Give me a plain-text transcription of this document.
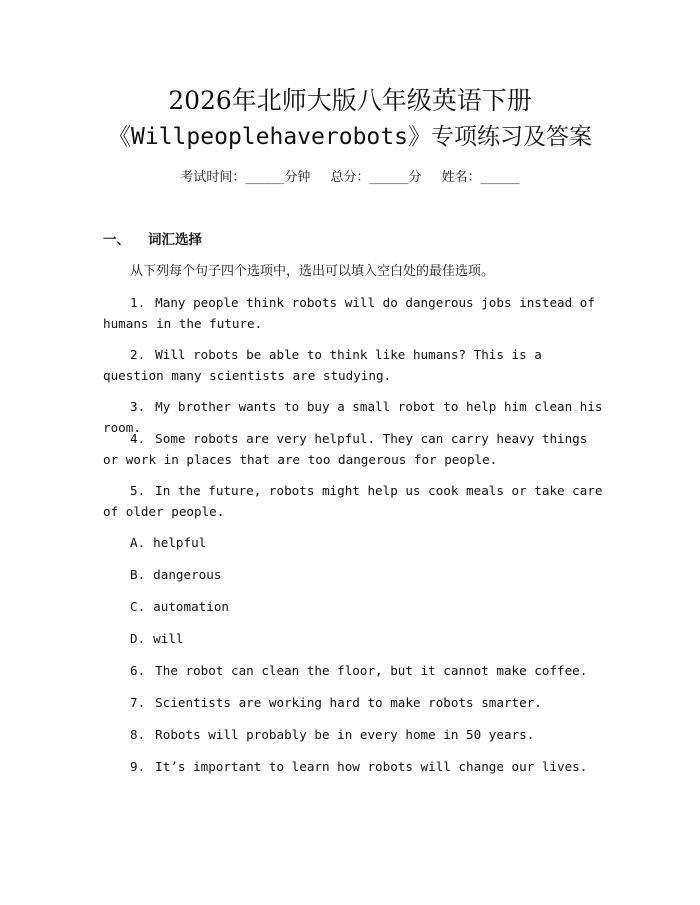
2026年北师大版八年级英语下册
《Willpeoplehaverobots》专项练习及答案
考试时间：______分钟 总分：______分 姓名：______
一、 词汇选择
从下列每个句子四个选项中，选出可以填入空白处的最佳选项。
1. Many people think robots will do dangerous jobs instead of humans in the future.
2. Will robots be able to think like humans? This is a question many scientists are studying.
3. My brother wants to buy a small robot to help him clean his room.
4. Some robots are very helpful. They can carry heavy things or work in places that are too dangerous for people.
5. In the future, robots might help us cook meals or take care of older people.
A. helpful
B. dangerous
C. automation
D. will
6. The robot can clean the floor, but it cannot make coffee.
7. Scientists are working hard to make robots smarter.
8. Robots will probably be in every home in 50 years.
9. It’s important to learn how robots will change our lives.
